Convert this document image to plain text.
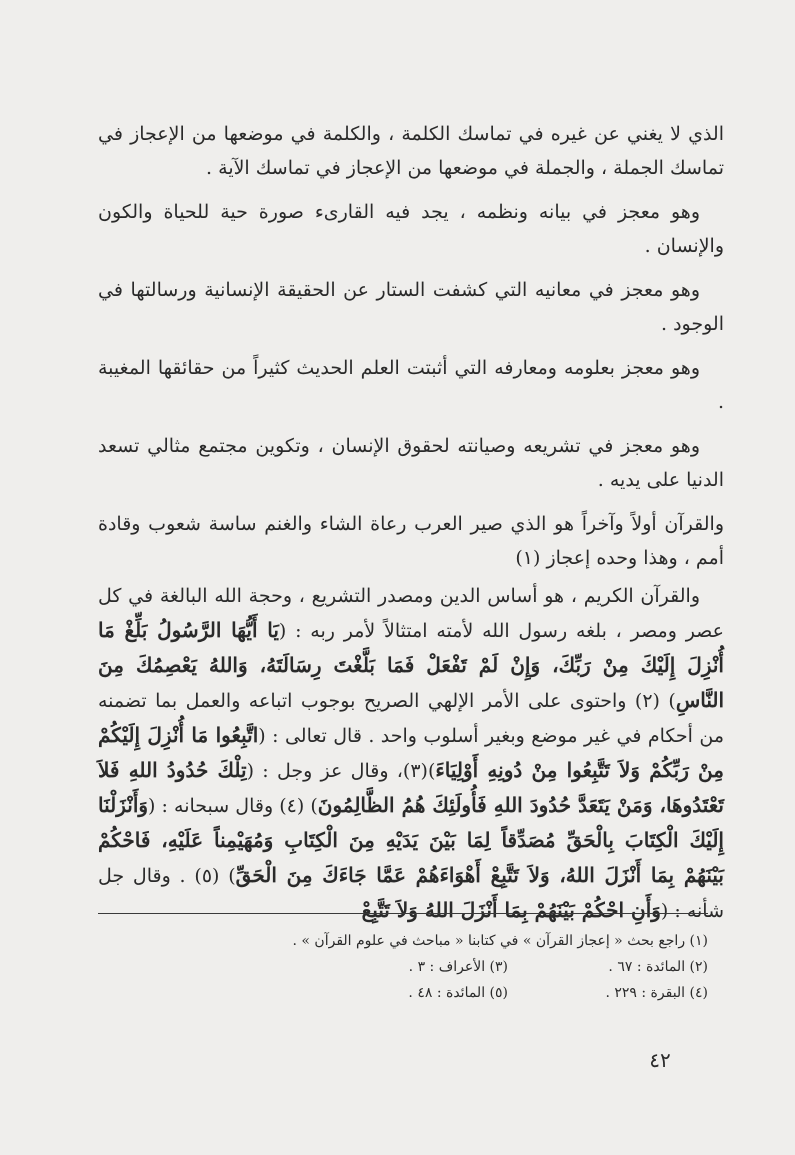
الذي لا يغني عن غيره في تماسك الكلمة ، والكلمة في موضعها من الإعجاز في تماسك الجملة ، والجملة في موضعها من الإعجاز في تماسك الآية .

وهو معجز في بيانه ونظمه ، يجد فيه القارىء صورة حية للحياة والكون والإنسان .

وهو معجز في معانيه التي كشفت الستار عن الحقيقة الإنسانية ورسالتها في الوجود .

وهو معجز بعلومه ومعارفه التي أثبتت العلم الحديث كثيراً من حقائقها المغيبة .

وهو معجز في تشريعه وصيانته لحقوق الإنسان ، وتكوين مجتمع مثالي تسعد الدنيا على يديه .

والقرآن أولاً وآخراً هو الذي صير العرب رعاة الشاء والغنم ساسة شعوب وقادة أمم ، وهذا وحده إعجاز (١)

والقرآن الكريم ، هو أساس الدين ومصدر التشريع ، وحجة الله البالغة في كل عصر ومصر ، بلغه رسول الله لأمته امتثالاً لأمر ربه : (يَا أَيُّهَا الرَّسُولُ بَلِّغْ مَا أُنْزِلَ إِلَيْكَ مِنْ رَبِّكَ، وَإِنْ لَمْ تَفْعَلْ فَمَا بَلَّغْتَ رِسَالَتَهُ، وَاللهُ يَعْصِمُكَ مِنَ النَّاسِ) (٢) واحتوى على الأمر الإلهي الصريح بوجوب اتباعه والعمل بما تضمنه من أحكام في غير موضع وبغير أسلوب واحد . قال تعالى : (اتَّبِعُوا مَا أُنْزِلَ إِلَيْكُمْ مِنْ رَبِّكُمْ وَلاَ تَتَّبِعُوا مِنْ دُونِهِ أَوْلِيَاءَ)(٣)، وقال عز وجل : (تِلْكَ حُدُودُ اللهِ فَلاَ تَعْتَدُوهَا، وَمَنْ يَتَعَدَّ حُدُودَ اللهِ فَأُولَئِكَ هُمُ الظَّالِمُونَ) (٤) وقال سبحانه : (وَأَنْزَلْنَا إِلَيْكَ الْكِتَابَ بِالْحَقِّ مُصَدِّقاً لِمَا بَيْنَ يَدَيْهِ مِنَ الْكِتَابِ وَمُهَيْمِناً عَلَيْهِ، فَاحْكُمْ بَيْنَهُمْ بِمَا أَنْزَلَ اللهُ، وَلاَ تَتَّبِعْ أَهْوَاءَهُمْ عَمَّا جَاءَكَ مِنَ الْحَقِّ) (٥) . وقال جل شأنه : (وَأَنِ احْكُمْ بَيْنَهُمْ بِمَا أَنْزَلَ اللهُ وَلاَ تَتَّبِعْ

(١) راجع بحث « إعجاز القرآن » في كتابنا « مباحث في علوم القرآن » .
(٢) المائدة : ٦٧ .
(٣) الأعراف : ٣ .
(٤) البقرة : ٢٢٩ .
(٥) المائدة : ٤٨ .
٤٢
